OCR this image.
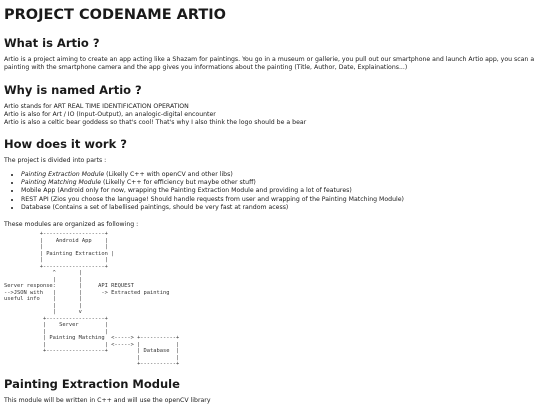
PROJECT CODENAME ARTIO
What is Artio ?

Artio is a project aiming to create an app acting like a Shazam for paintings. You go in a museum or gallerie, you pull out our smartphone and launch Artio app, you scan a painting with the smartphone camera and the app gives you informations about the painting (Title, Author, Date, Explainations...)

Why is named Artio ?

Artio stands for ART REAL TIME IDENTIFICATION OPERATION
Artio is also for Art / IO (Input-Output), an analogic-digital encounter
Artio is also a celtic bear goddess so that's cool! That's why I also think the logo should be a bear

How does it work ?

The project is divided into parts :

• Painting Extraction Module (Likelly C++ with openCV and other libs)
• Painting Matching Module (Likelly C++ for efficiency but maybe other stuff)
• Mobile App (Android only for now, wrapping the Painting Extraction Module and providing a lot of features)
• REST API (Zios you choose the language! Should handle requests from user and wrapping of the Painting Matching Module)
• Database (Contains a set of labellised paintings, should be very fast at random acess)

These modules are organized as following :

+-------------------+
|    Android App    |
|                   |
| Painting Extraction |
|                   |
+-------------------+
^       |
|       |
Server response:       |     API REQUEST
-->JSON with   |       |      -> Extracted painting
useful info    |       |
|       |
|       v
+------------------+
|    Server        |
|                  |
| Painting Matching  <-----> +-----------+
|                  | <-----> |           |
+------------------+         | Database  |
|           |
+-----------+
Painting Extraction Module

This module will be written in C++ and will use the openCV library
